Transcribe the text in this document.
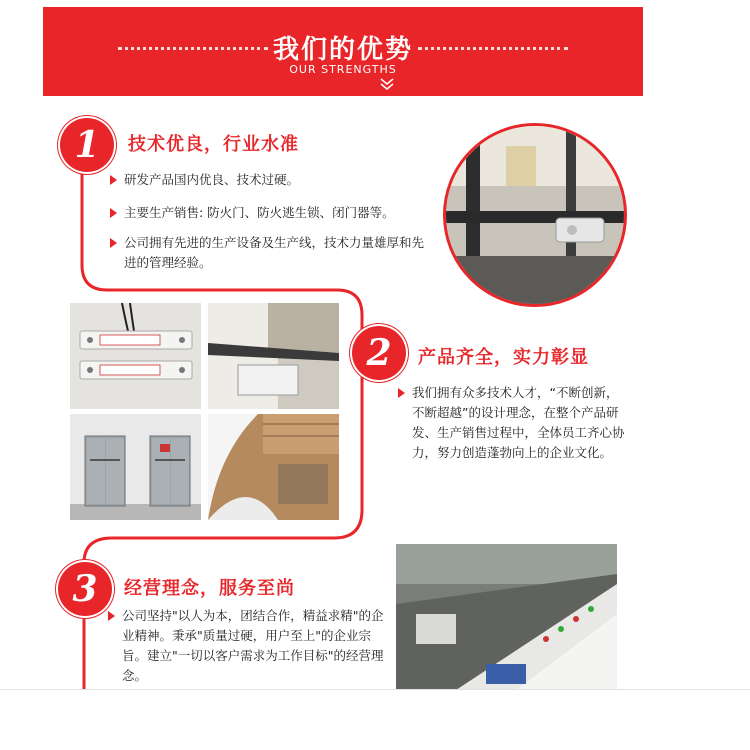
我们的优势
OUR STRENGTHS
1	技术优良，行业水准
研发产品国内优良、技术过硬。
主要生产销售: 防火门、防火逃生锁、闭门器等。
公司拥有先进的生产设备及生产线，技术力量雄厚和先进的管理经验。
2	产品齐全，实力彰显
我们拥有众多技术人才，“不断创新，不断超越”的设计理念，在整个产品研发、生产销售过程中，全体员工齐心协力，努力创造蓬勃向上的企业文化。
3	经营理念，服务至尚
公司坚持"以人为本，团结合作，精益求精"的企业精神。秉承"质量过硬，用户至上"的企业宗旨。建立"一切以客户需求为工作目标"的经营理念。
